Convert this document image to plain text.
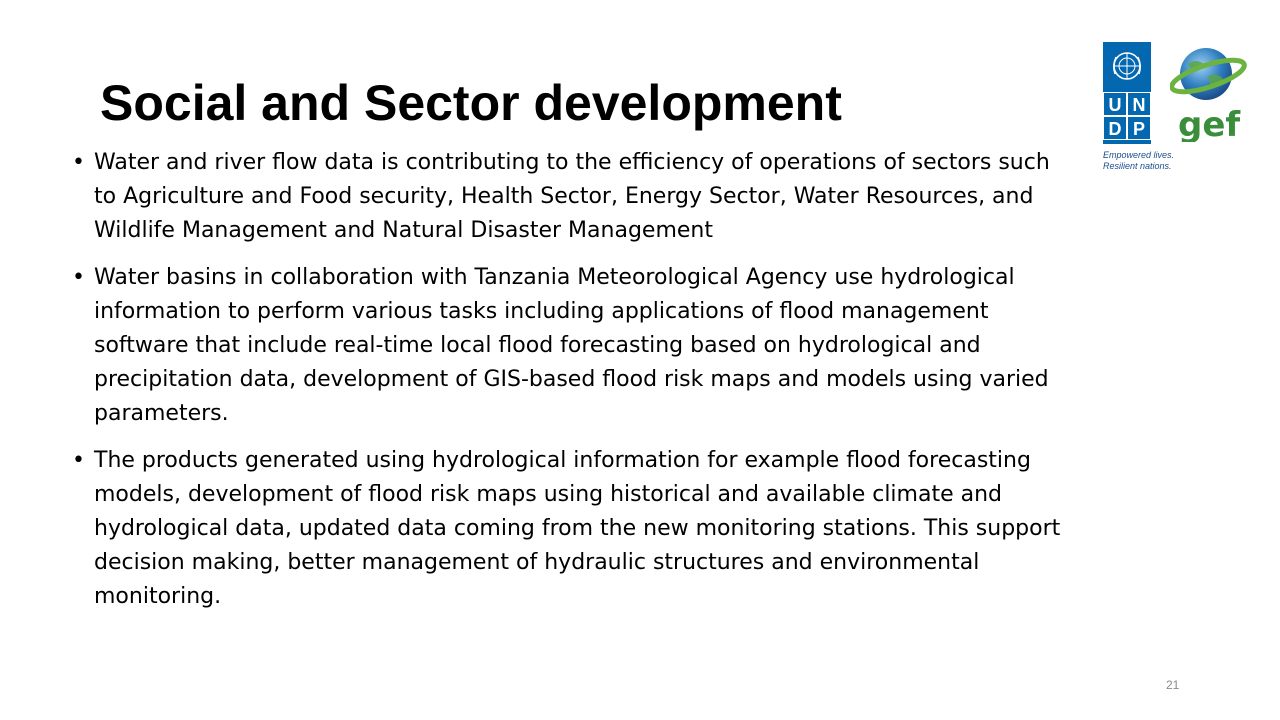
Social and Sector development	U N
D P
Empowered lives.
Resilient nations.
gef
• Water and river flow data is contributing to the efficiency of operations of sectors such to Agriculture and Food security, Health Sector, Energy Sector, Water Resources, and Wildlife Management and Natural Disaster Management
• Water basins in collaboration with Tanzania Meteorological Agency use hydrological information to perform various tasks including applications of flood management software that include real-time local flood forecasting based on hydrological and precipitation data, development of GIS-based flood risk maps and models using varied parameters.
• The products generated using hydrological information for example flood forecasting models, development of flood risk maps using historical and available climate and hydrological data, updated data coming from the new monitoring stations. This support decision making, better management of hydraulic structures and environmental monitoring.
21
